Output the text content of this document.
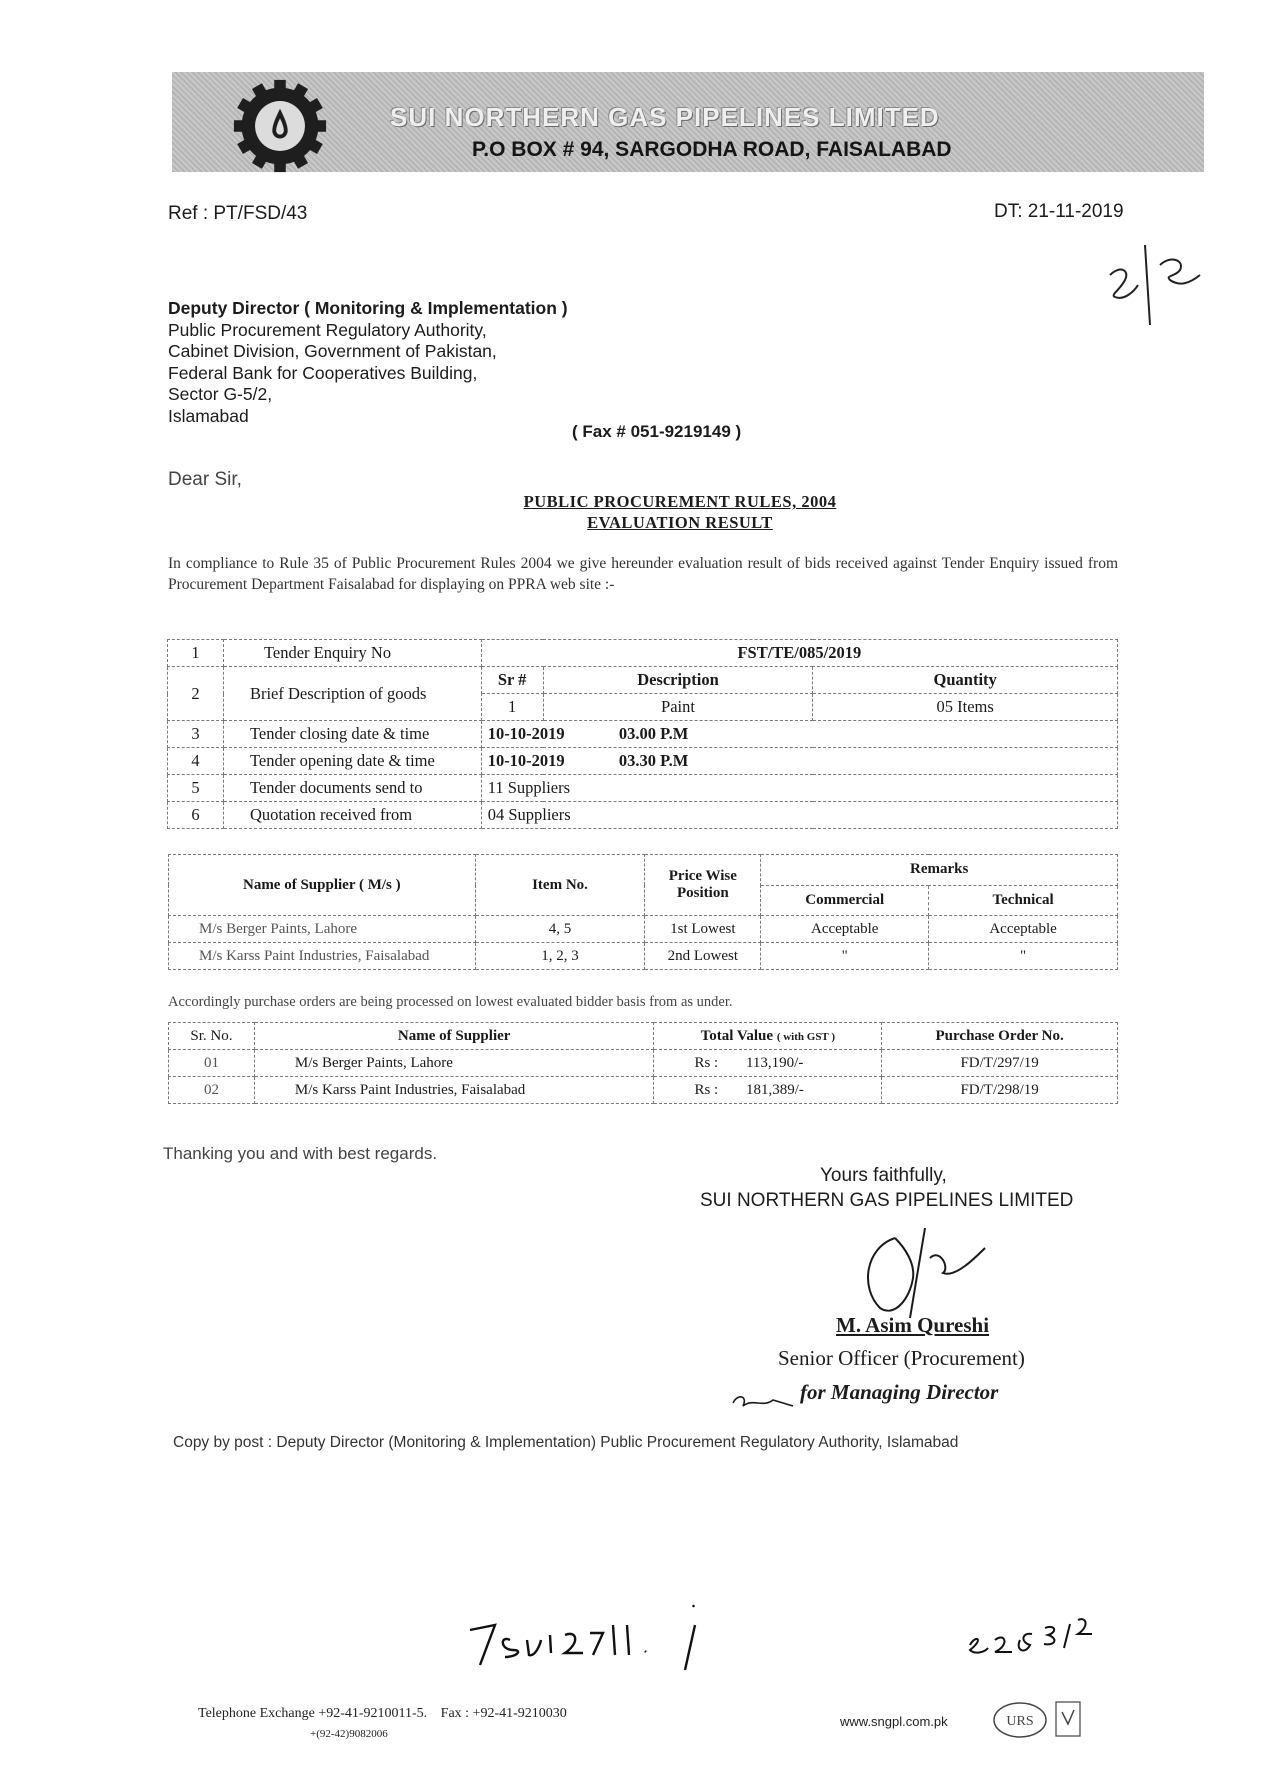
SUI NORTHERN GAS PIPELINES LIMITED
P.O BOX # 94, SARGODHA ROAD, FAISALABAD
Ref : PT/FSD/43	DT: 21-11-2019
Deputy Director ( Monitoring & Implementation )
Public Procurement Regulatory Authority,
Cabinet Division, Government of Pakistan,
Federal Bank for Cooperatives Building,
Sector G-5/2,
Islamabad
( Fax # 051-9219149 )
Dear Sir,
PUBLIC PROCUREMENT RULES, 2004
EVALUATION RESULT
In compliance to Rule 35 of Public Procurement Rules 2004 we give hereunder evaluation result of bids received against Tender Enquiry issued from Procurement Department Faisalabad for displaying on PPRA web site :-
1	Tender Enquiry No	FST/TE/085/2019		
2	Brief Description of goods	Sr #	Description	Quantity
		1	Paint	05 Items
3	Tender closing date & time	10-10-2019 03.00 P.M		
4	Tender opening date & time	10-10-2019 03.30 P.M		
5	Tender documents send to	11 Suppliers		
6	Quotation received from	04 Suppliers		
Name of Supplier ( M/s )	Item No.	Price Wise Position	Remarks	
			Commercial	Technical
M/s Berger Paints, Lahore	4, 5	1st Lowest	Acceptable	Acceptable
M/s Karss Paint Industries, Faisalabad	1, 2, 3	2nd Lowest	"	"
Accordingly purchase orders are being processed on lowest evaluated bidder basis from as under.
Sr. No.	Name of Supplier	Total Value ( with GST )	Purchase Order No.
01	M/s Berger Paints, Lahore	Rs : 113,190/-	FD/T/297/19
02	M/s Karss Paint Industries, Faisalabad	Rs : 181,389/-	FD/T/298/19
Thanking you and with best regards.
Yours faithfully,
SUI NORTHERN GAS PIPELINES LIMITED
M. Asim Qureshi
Senior Officer (Procurement)
for Managing Director
Copy by post : Deputy Director (Monitoring & Implementation) Public Procurement Regulatory Authority, Islamabad
Telephone Exchange +92-41-9210011-5. Fax : +92-41-9210030
+(92-42)9082006
www.sngpl.com.pk	URS
